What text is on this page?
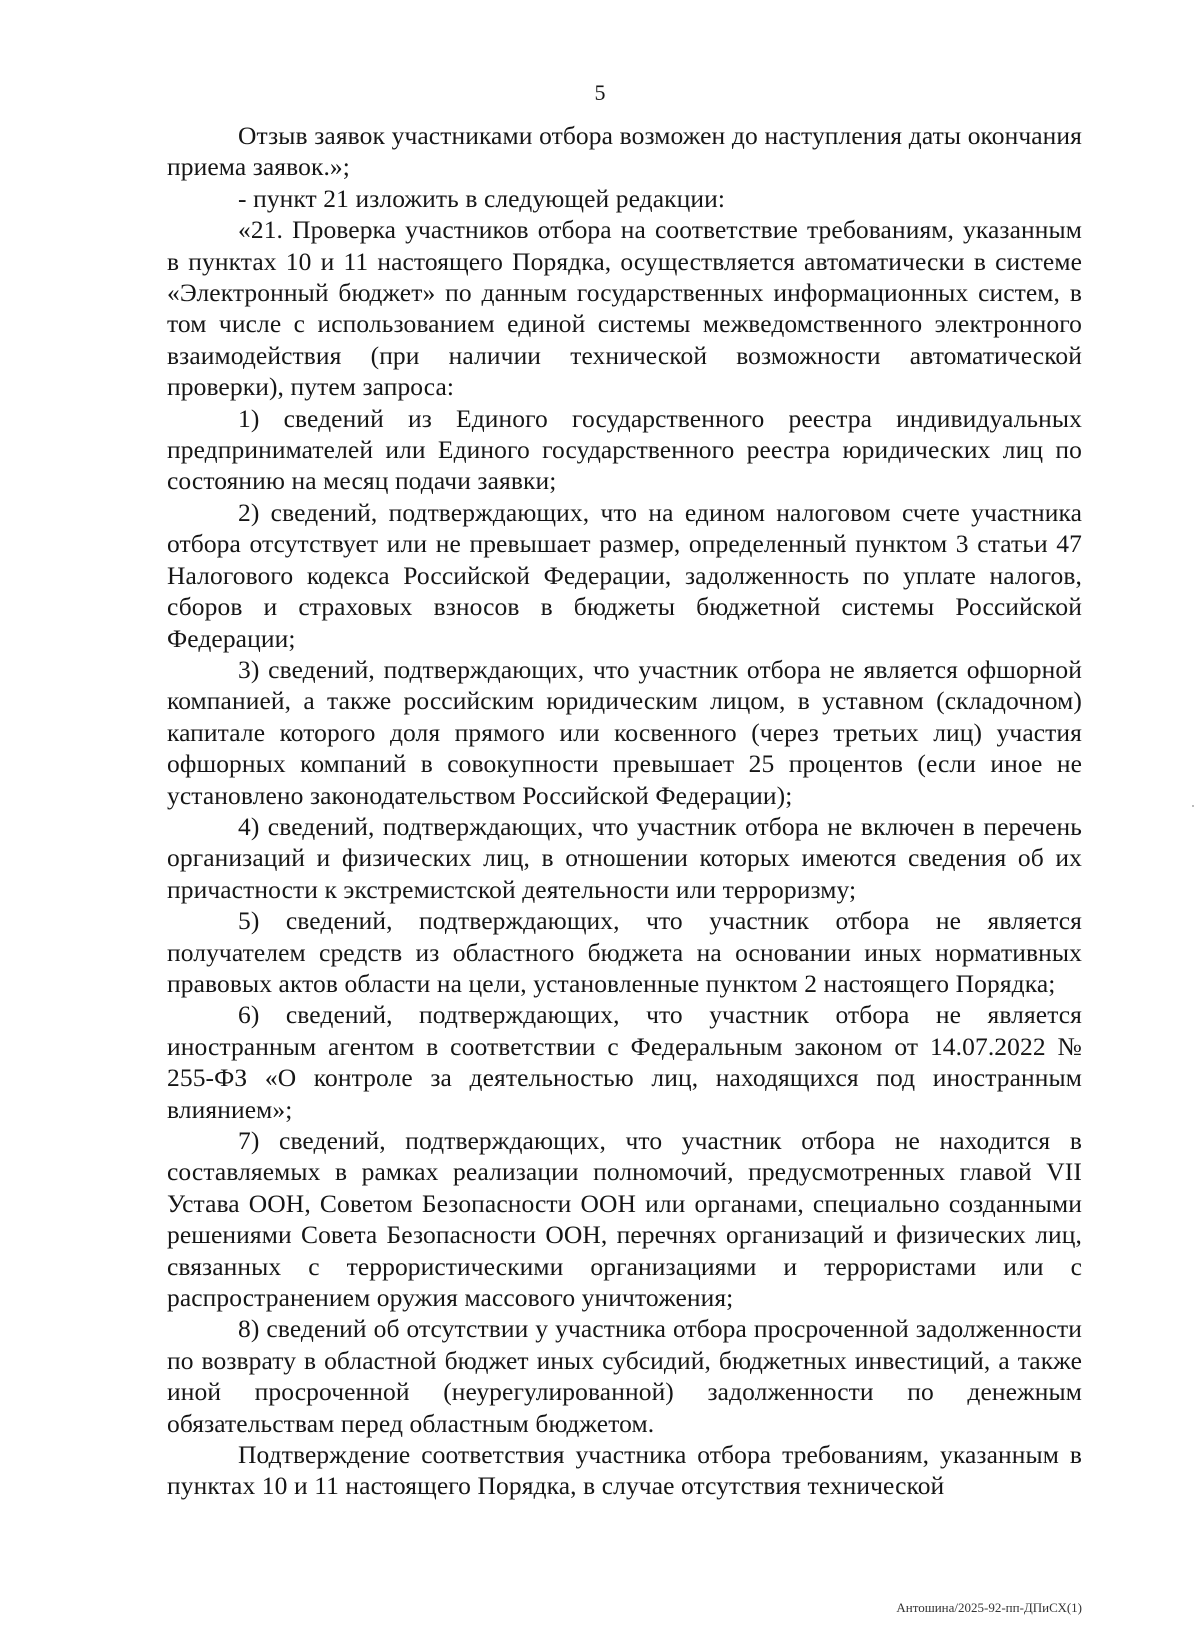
5

Отзыв заявок участниками отбора возможен до наступления даты окончания приема заявок.»;

- пункт 21 изложить в следующей редакции:

«21. Проверка участников отбора на соответствие требованиям, указанным в пунктах 10 и 11 настоящего Порядка, осуществляется автоматически в системе «Электронный бюджет» по данным государственных информационных систем, в том числе с использованием единой системы межведомственного электронного взаимодействия (при наличии технической возможности автоматической проверки), путем запроса:

1) сведений из Единого государственного реестра индивидуальных предпринимателей или Единого государственного реестра юридических лиц по состоянию на месяц подачи заявки;

2) сведений, подтверждающих, что на едином налоговом счете участника отбора отсутствует или не превышает размер, определенный пунктом 3 статьи 47 Налогового кодекса Российской Федерации, задолженность по уплате налогов, сборов и страховых взносов в бюджеты бюджетной системы Российской Федерации;

3) сведений, подтверждающих, что участник отбора не является офшорной компанией, а также российским юридическим лицом, в уставном (складочном) капитале которого доля прямого или косвенного (через третьих лиц) участия офшорных компаний в совокупности превышает 25 процентов (если иное не установлено законодательством Российской Федерации);

4) сведений, подтверждающих, что участник отбора не включен в перечень организаций и физических лиц, в отношении которых имеются сведения об их причастности к экстремистской деятельности или терроризму;

5) сведений, подтверждающих, что участник отбора не является получателем средств из областного бюджета на основании иных нормативных правовых актов области на цели, установленные пунктом 2 настоящего Порядка;

6) сведений, подтверждающих, что участник отбора не является иностранным агентом в соответствии с Федеральным законом от 14.07.2022 № 255-ФЗ «О контроле за деятельностью лиц, находящихся под иностранным влиянием»;

7) сведений, подтверждающих, что участник отбора не находится в составляемых в рамках реализации полномочий, предусмотренных главой VII Устава ООН, Советом Безопасности ООН или органами, специально созданными решениями Совета Безопасности ООН, перечнях организаций и физических лиц, связанных с террористическими организациями и террористами или с распространением оружия массового уничтожения;

8) сведений об отсутствии у участника отбора просроченной задолженности по возврату в областной бюджет иных субсидий, бюджетных инвестиций, а также иной просроченной (неурегулированной) задолженности по денежным обязательствам перед областным бюджетом.

Подтверждение соответствия участника отбора требованиям, указанным в пунктах 10 и 11 настоящего Порядка, в случае отсутствия технической

Антошина/2025-92-пп-ДПиСХ(1)
